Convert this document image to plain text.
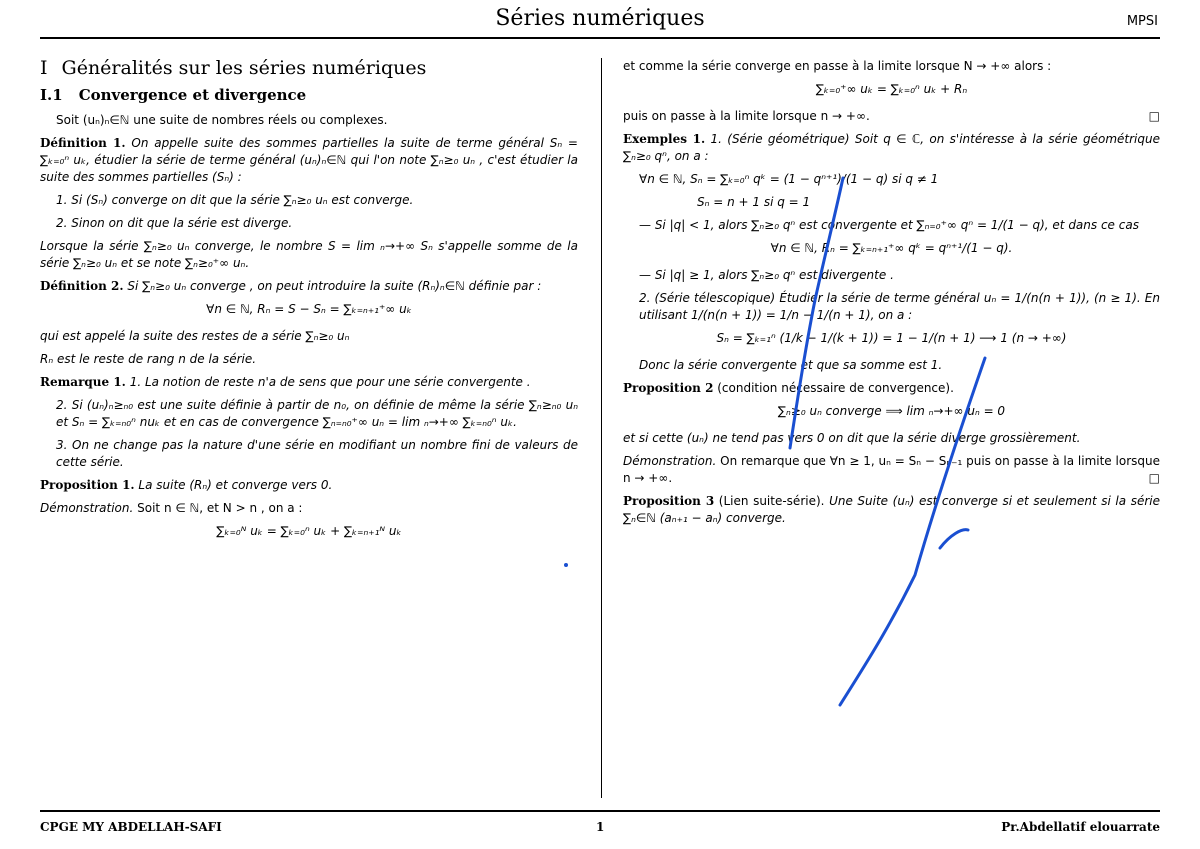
Séries numériques	MPSI
I Généralités sur les séries numériques
I.1 Convergence et divergence

Soit (uₙ)ₙ∈ℕ une suite de nombres réels ou complexes.

Définition 1. On appelle suite des sommes partielles la suite de terme général Sₙ = ∑ₖ₌₀ⁿ uₖ, étudier la série de terme général (uₙ)ₙ∈ℕ qui l'on note ∑ₙ≥₀ uₙ , c'est étudier la suite des sommes partielles (Sₙ) :

1. Si (Sₙ) converge on dit que la série ∑ₙ≥₀ uₙ est converge.

2. Sinon on dit que la série est diverge.

Lorsque la série ∑ₙ≥₀ uₙ converge, le nombre S = lim ₙ→+∞ Sₙ s'appelle somme de la série ∑ₙ≥₀ uₙ et se note ∑ₙ≥₀⁺∞ uₙ.

Définition 2. Si ∑ₙ≥₀ uₙ converge , on peut introduire la suite (Rₙ)ₙ∈ℕ définie par :

∀n ∈ ℕ, Rₙ = S − Sₙ = ∑ₖ₌ₙ₊₁⁺∞ uₖ

qui est appelé la suite des restes de a série ∑ₙ≥₀ uₙ

Rₙ est le reste de rang n de la série.

Remarque 1. 1. La notion de reste n'a de sens que pour une série convergente .

2. Si (uₙ)ₙ≥ₙ₀ est une suite définie à partir de n₀, on définie de même la série ∑ₙ≥ₙ₀ uₙ et Sₙ = ∑ₖ₌ₙ₀ⁿ nuₖ et en cas de convergence ∑ₙ₌ₙ₀⁺∞ uₙ = lim ₙ→+∞ ∑ₖ₌ₙ₀ⁿ uₖ.

3. On ne change pas la nature d'une série en modifiant un nombre fini de valeurs de cette série.

Proposition 1. La suite (Rₙ) et converge vers 0.

Démonstration. Soit n ∈ ℕ, et N > n , on a :

∑ₖ₌₀ᴺ uₖ = ∑ₖ₌₀ⁿ uₖ + ∑ₖ₌ₙ₊₁ᴺ uₖ

et comme la série converge en passe à la limite lorsque N → +∞ alors :

∑ₖ₌₀⁺∞ uₖ = ∑ₖ₌₀ⁿ uₖ + Rₙ

puis on passe à la limite lorsque n → +∞.	□

Exemples 1. 1. (Série géométrique) Soit q ∈ ℂ, on s'intéresse à la série géométrique ∑ₙ≥₀ qⁿ, on a :

∀n ∈ ℕ, Sₙ = ∑ₖ₌₀ⁿ qᵏ = (1 − qⁿ⁺¹)/(1 − q) si q ≠ 1

Sₙ = n + 1 si q = 1

— Si |q| < 1, alors ∑ₙ≥₀ qⁿ est convergente et ∑ₙ₌₀⁺∞ qⁿ = 1/(1 − q), et dans ce cas

∀n ∈ ℕ, Rₙ = ∑ₖ₌ₙ₊₁⁺∞ qᵏ = qⁿ⁺¹/(1 − q).

— Si |q| ≥ 1, alors ∑ₙ≥₀ qⁿ est divergente .

2. (Série télescopique) Étudier la série de terme général uₙ = 1/(n(n + 1)), (n ≥ 1). En utilisant 1/(n(n + 1)) = 1/n − 1/(n + 1), on a :

Sₙ = ∑ₖ₌₁ⁿ (1/k − 1/(k + 1)) = 1 − 1/(n + 1) ⟶ 1 (n → +∞)

Donc la série convergente et que sa somme est 1.

Proposition 2 (condition nécessaire de convergence).

∑ₙ≥₀ uₙ converge ⟹ lim ₙ→+∞ uₙ = 0

et si cette (uₙ) ne tend pas vers 0 on dit que la série diverge grossièrement.

Démonstration. On remarque que ∀n ≥ 1, uₙ = Sₙ − Sₙ₋₁ puis on passe à la limite lorsque n → +∞.	□

Proposition 3 (Lien suite-série). Une Suite (uₙ) est converge si et seulement si la série ∑ₙ∈ℕ (aₙ₊₁ − aₙ) converge.

CPGE MY ABDELLAH-SAFI	1	Pr.Abdellatif elouarrate
